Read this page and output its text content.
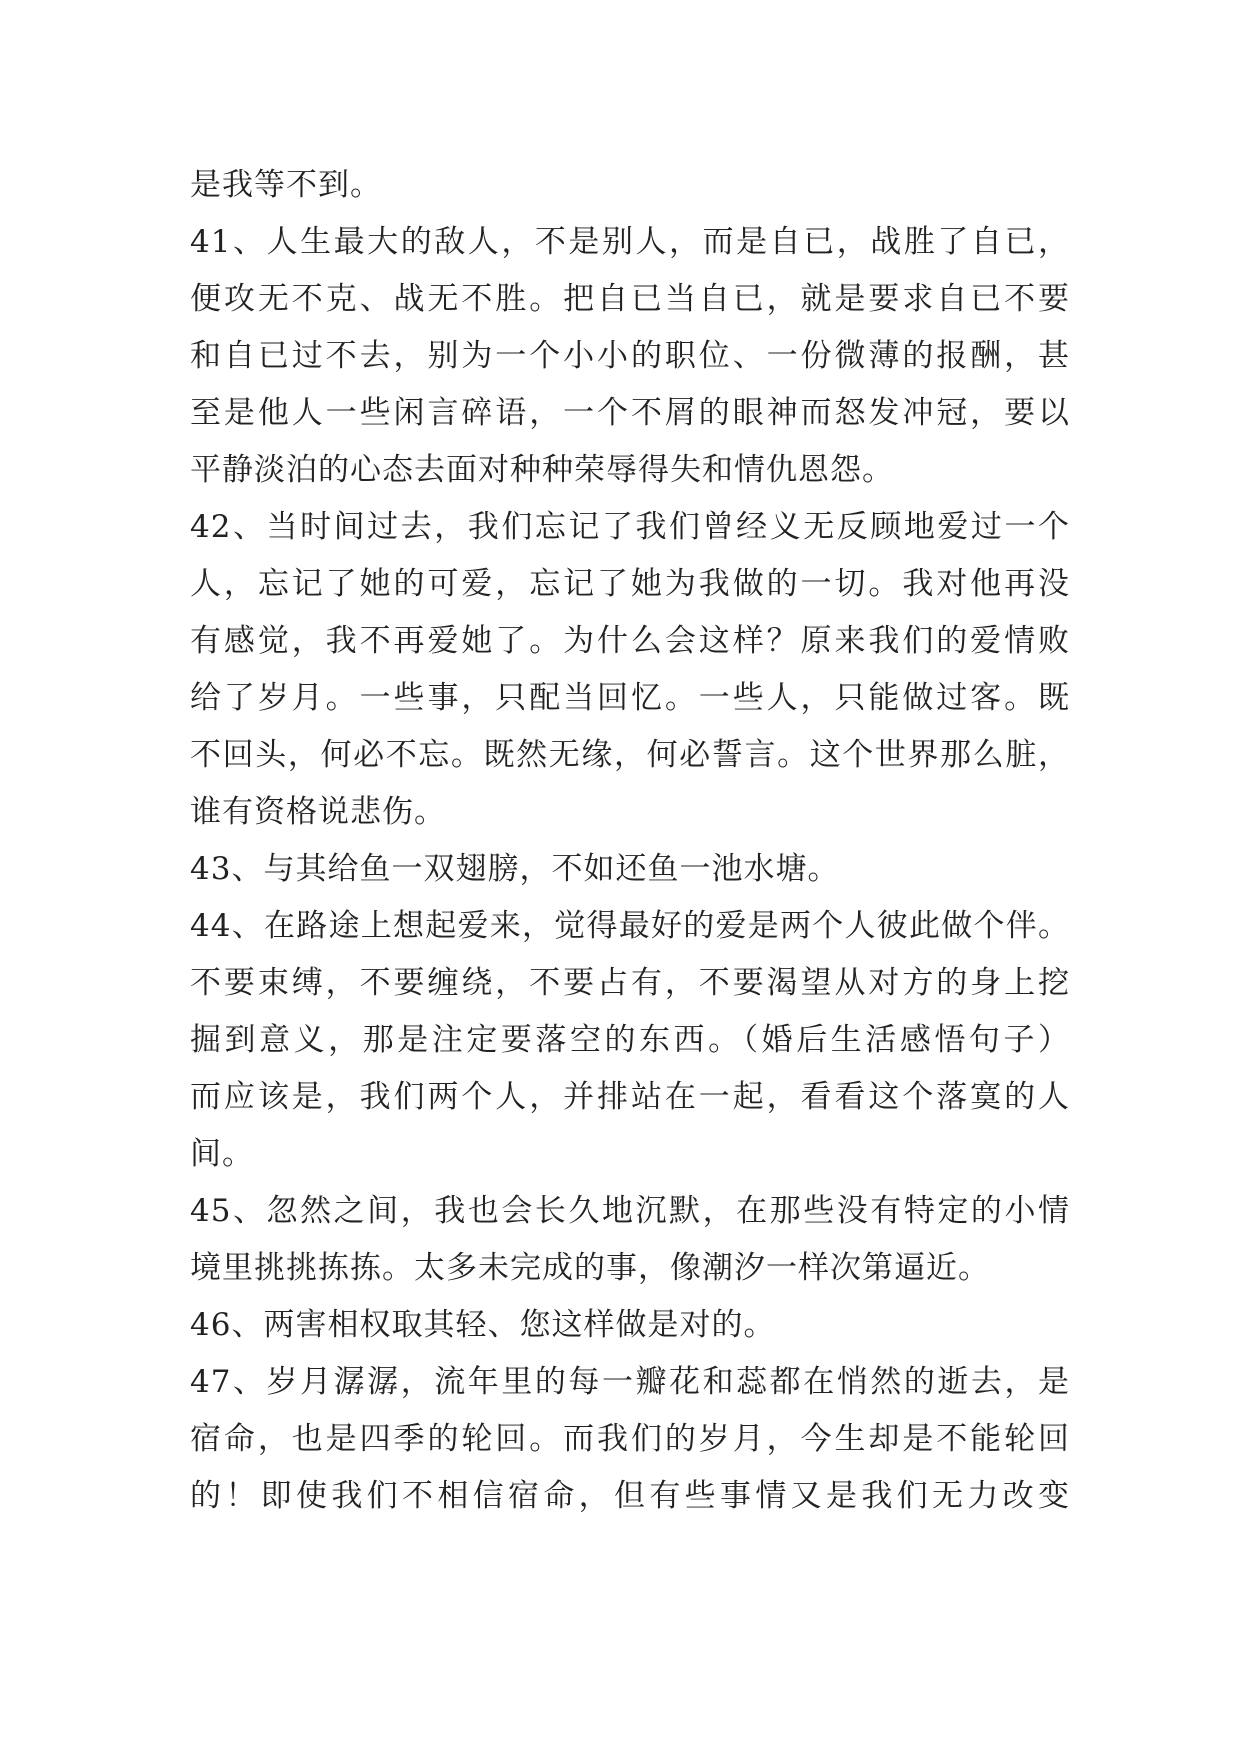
是我等不到。
41、人生最大的敌人，不是别人，而是自已，战胜了自已，
便攻无不克、战无不胜。把自已当自已，就是要求自已不要
和自已过不去，别为一个小小的职位、一份微薄的报酬，甚
至是他人一些闲言碎语，一个不屑的眼神而怒发冲冠，要以
平静淡泊的心态去面对种种荣辱得失和情仇恩怨。
42、当时间过去，我们忘记了我们曾经义无反顾地爱过一个
人，忘记了她的可爱，忘记了她为我做的一切。我对他再没
有感觉，我不再爱她了。为什么会这样？原来我们的爱情败
给了岁月。一些事，只配当回忆。一些人，只能做过客。既
不回头，何必不忘。既然无缘，何必誓言。这个世界那么脏，
谁有资格说悲伤。
43、与其给鱼一双翅膀，不如还鱼一池水塘。
44、在路途上想起爱来，觉得最好的爱是两个人彼此做个伴。
不要束缚，不要缠绕，不要占有，不要渴望从对方的身上挖
掘到意义，那是注定要落空的东西。（婚后生活感悟句子）
而应该是，我们两个人，并排站在一起，看看这个落寞的人
间。
45、忽然之间，我也会长久地沉默，在那些没有特定的小情
境里挑挑拣拣。太多未完成的事，像潮汐一样次第逼近。
46、两害相权取其轻、您这样做是对的。
47、岁月潺潺，流年里的每一瓣花和蕊都在悄然的逝去，是
宿命，也是四季的轮回。而我们的岁月，今生却是不能轮回
的！即使我们不相信宿命，但有些事情又是我们无力改变
